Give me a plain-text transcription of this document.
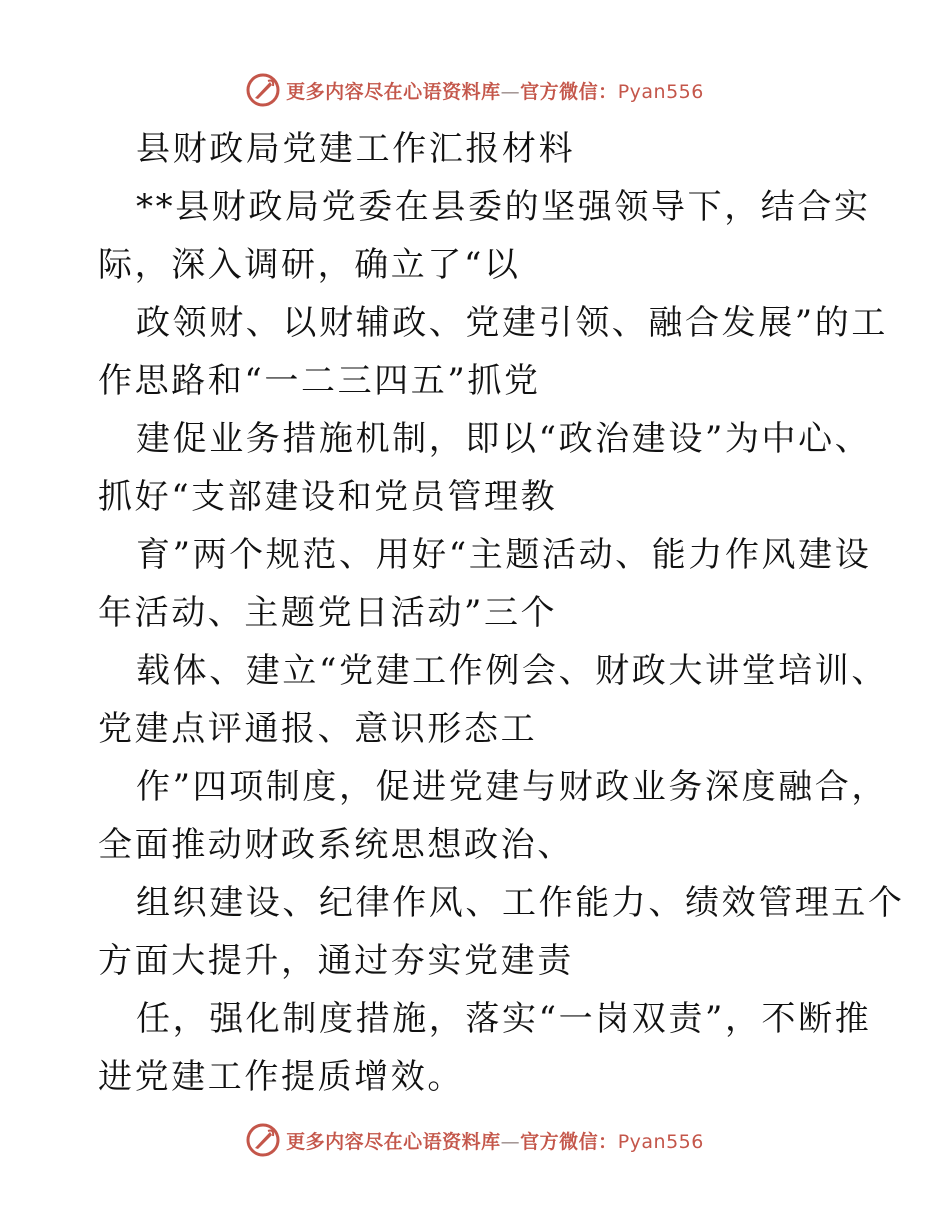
更多内容尽在心语资料库—官方微信：Pyan556
县财政局党建工作汇报材料
**县财政局党委在县委的坚强领导下，结合实
际，深入调研，确立了“以
政领财、以财辅政、党建引领、融合发展”的工
作思路和“一二三四五”抓党
建促业务措施机制，即以“政治建设”为中心、
抓好“支部建设和党员管理教
育”两个规范、用好“主题活动、能力作风建设
年活动、主题党日活动”三个
载体、建立“党建工作例会、财政大讲堂培训、
党建点评通报、意识形态工
作”四项制度，促进党建与财政业务深度融合，
全面推动财政系统思想政治、
组织建设、纪律作风、工作能力、绩效管理五个
方面大提升，通过夯实党建责
任，强化制度措施，落实“一岗双责”，不断推
进党建工作提质增效。
更多内容尽在心语资料库—官方微信：Pyan556
